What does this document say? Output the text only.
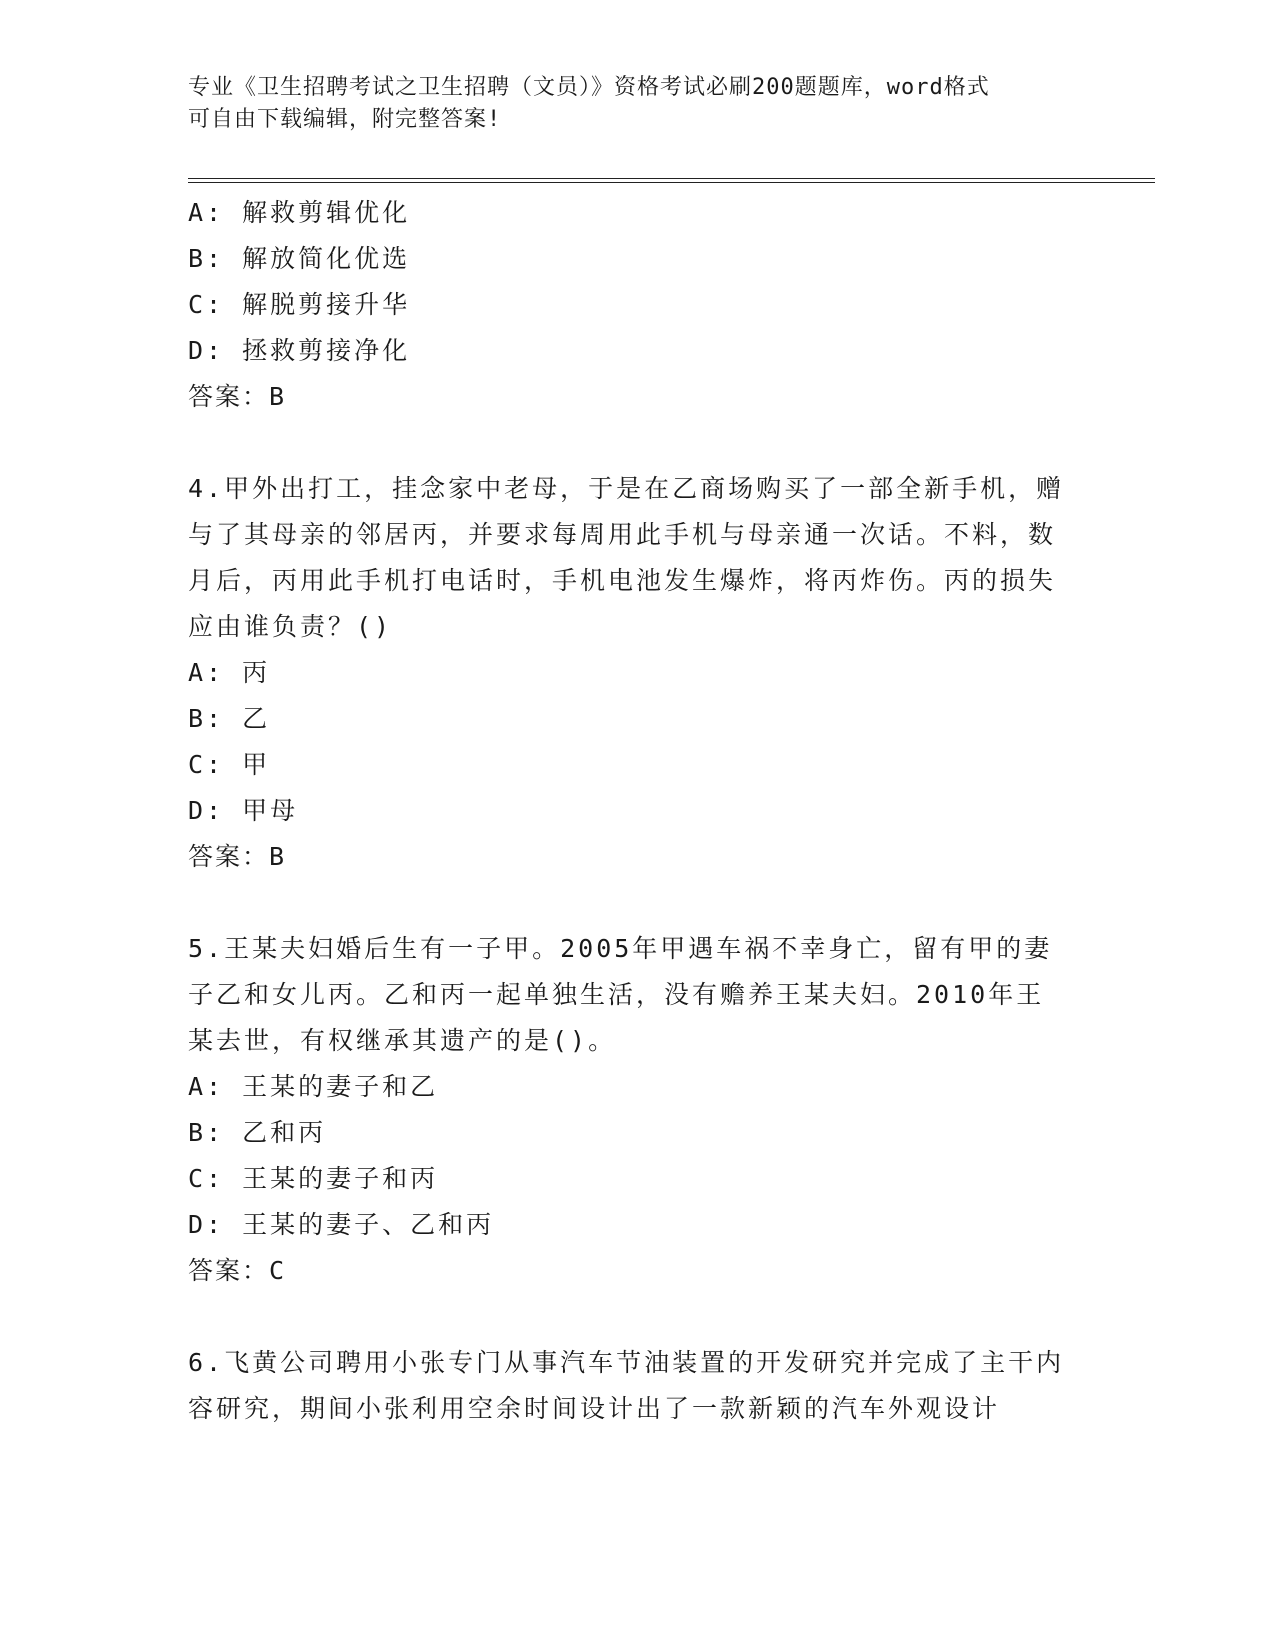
专业《卫生招聘考试之卫生招聘（文员）》资格考试必刷200题题库，word格式
可自由下载编辑，附完整答案!
A: 解救剪辑优化
B: 解放简化优选
C: 解脱剪接升华
D: 拯救剪接净化
答案：B
4.甲外出打工，挂念家中老母，于是在乙商场购买了一部全新手机，赠与了其母亲的邻居丙，并要求每周用此手机与母亲通一次话。不料，数月后，丙用此手机打电话时，手机电池发生爆炸，将丙炸伤。丙的损失应由谁负责？()
A: 丙
B: 乙
C: 甲
D: 甲母
答案：B
5.王某夫妇婚后生有一子甲。2005年甲遇车祸不幸身亡，留有甲的妻子乙和女儿丙。乙和丙一起单独生活，没有赡养王某夫妇。2010年王某去世，有权继承其遗产的是()。
A: 王某的妻子和乙
B: 乙和丙
C: 王某的妻子和丙
D: 王某的妻子、乙和丙
答案：C
6.飞黄公司聘用小张专门从事汽车节油装置的开发研究并完成了主干内容研究，期间小张利用空余时间设计出了一款新颖的汽车外观设计
